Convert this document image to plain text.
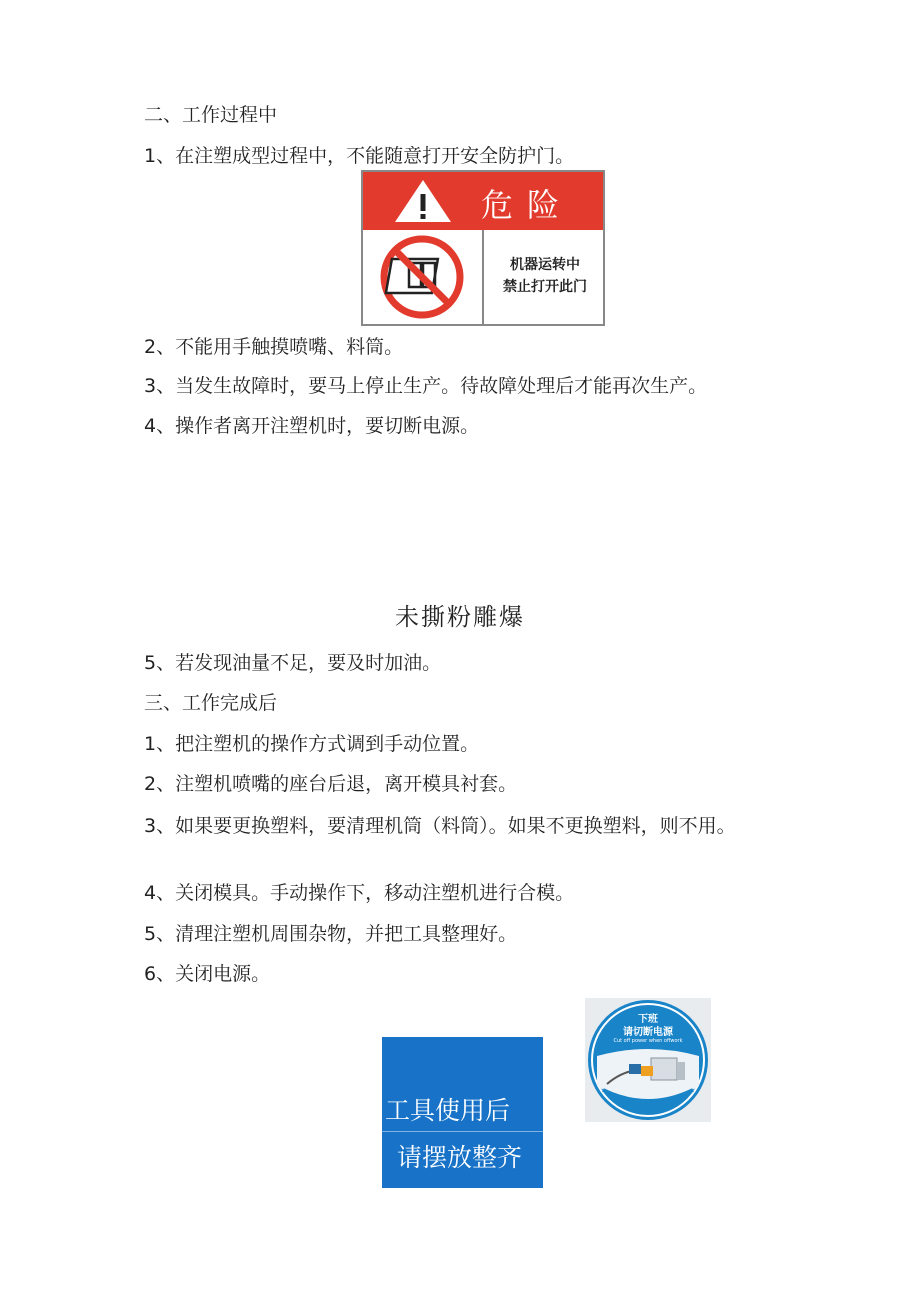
二、工作过程中
1、在注塑成型过程中，不能随意打开安全防护门。
危险
机器运转中
禁止打开此门
2、不能用手触摸喷嘴、料筒。
3、当发生故障时，要马上停止生产。待故障处理后才能再次生产。
4、操作者离开注塑机时，要切断电源。
未撕粉雕爆
5、若发现油量不足，要及时加油。
三、工作完成后
1、把注塑机的操作方式调到手动位置。
2、注塑机喷嘴的座台后退，离开模具衬套。
3、如果要更换塑料，要清理机筒（料筒）。如果不更换塑料，则不用。
4、关闭模具。手动操作下，移动注塑机进行合模。
5、清理注塑机周围杂物，并把工具整理好。
6、关闭电源。
工具使用后
请摆放整齐
下班
请切断电源
Cut off power when offwork
